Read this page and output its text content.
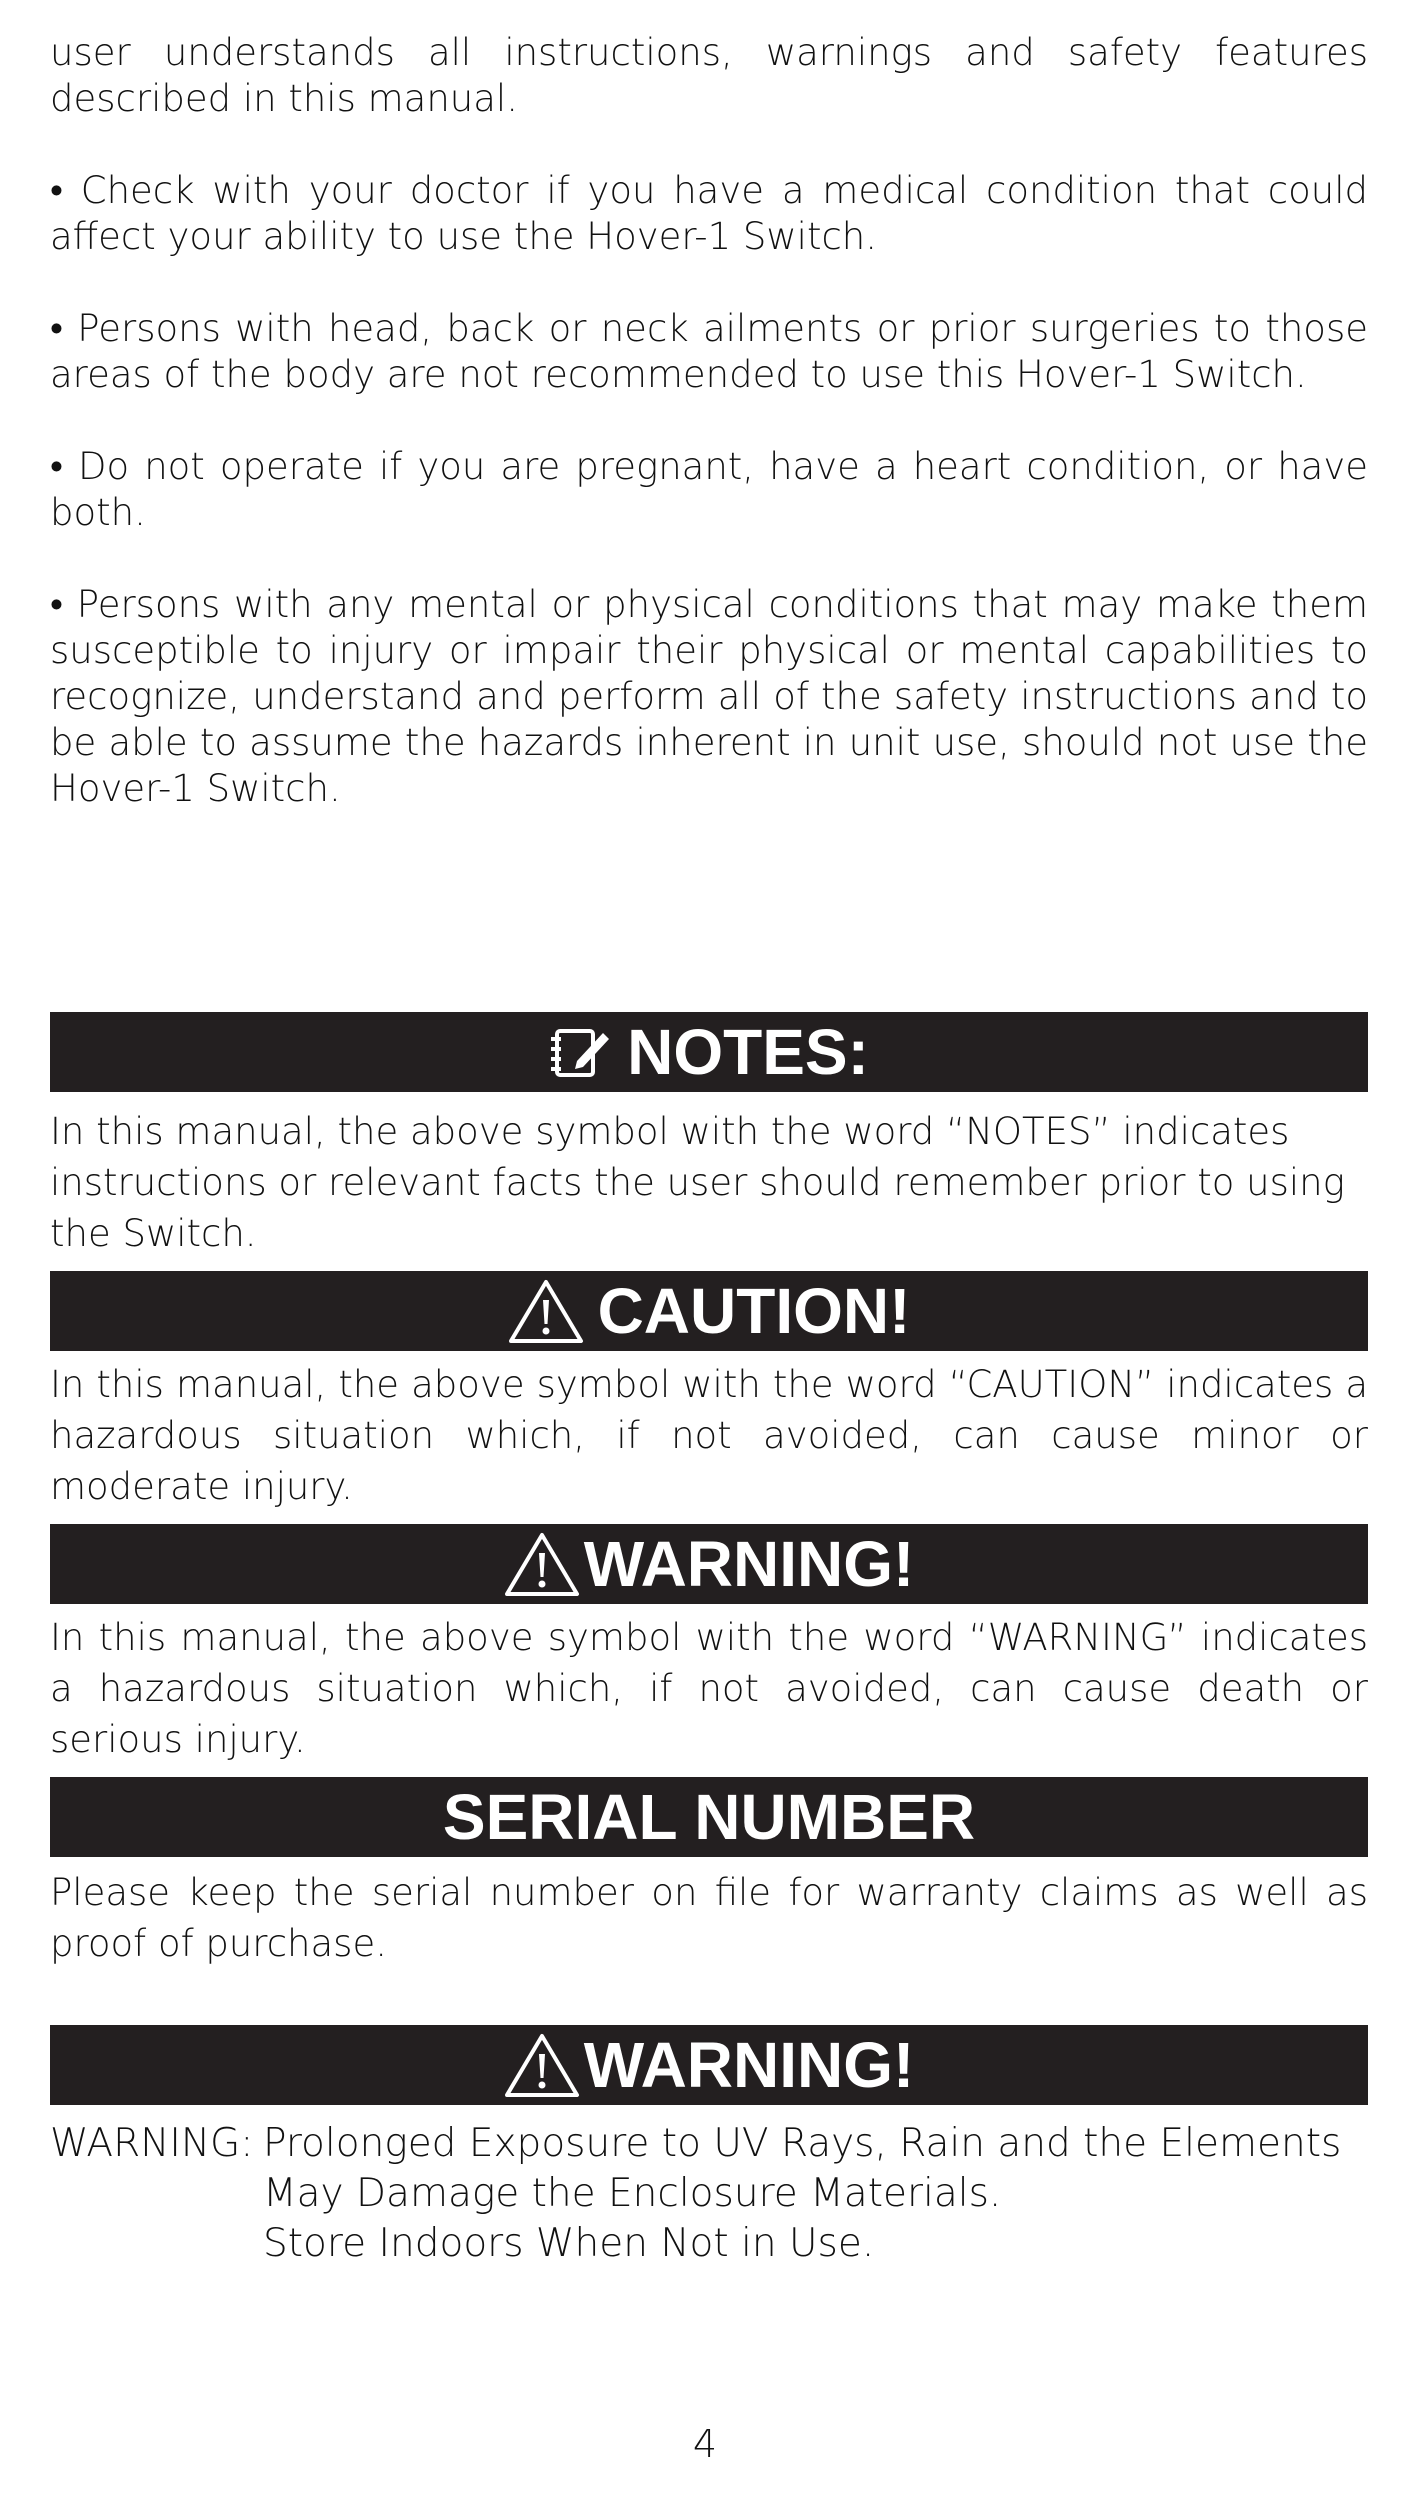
user understands all instructions, warnings and safety features described in this manual.

• Check with your doctor if you have a medical condition that could affect your ability to use the Hover-1 Switch.

• Persons with head, back or neck ailments or prior surgeries to those areas of the body are not recommended to use this Hover-1 Switch.

• Do not operate if you are pregnant, have a heart condition, or have both.

• Persons with any mental or physical conditions that may make them susceptible to injury or impair their physical or mental capabilities to recognize, understand and perform all of the safety instructions and to be able to assume the hazards inherent in unit use, should not use the Hover-1 Switch.

NOTES:

In this manual, the above symbol with the word “NOTES” indicates instructions or relevant facts the user should remember prior to using the Switch.

CAUTION!

In this manual, the above symbol with the word “CAUTION” indicates a hazardous situation which, if not avoided, can cause minor or moderate injury.

WARNING!

In this manual, the above symbol with the word “WARNING” indicates a hazardous situation which, if not avoided, can cause death or serious injury.

SERIAL NUMBER

Please keep the serial number on file for warranty claims as well as proof of purchase.

WARNING!
WARNING: Prolonged Exposure to UV Rays, Rain and the Elements
May Damage the Enclosure Materials.
Store Indoors When Not in Use.
4
